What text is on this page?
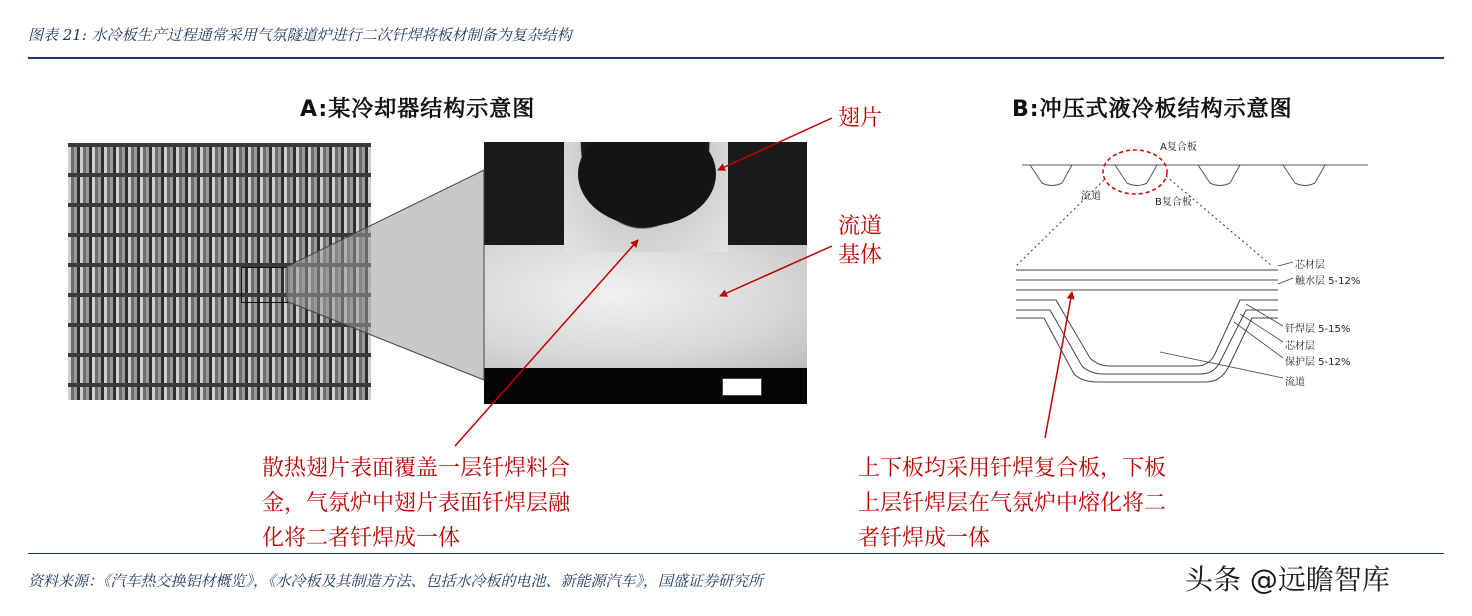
图表 21: 水冷板生产过程通常采用气氛隧道炉进行二次钎焊将板材制备为复杂结构
A:某冷却器结构示意图	翅片
流道
基体
散热翅片表面覆盖一层钎焊料合
金，气氛炉中翅片表面钎焊层融
化将二者钎焊成一体
B:冲压式液冷板结构示意图
A复合板
流道
B复合板
芯材层
触水层 5-12%
钎焊层 5-15%
芯材层
保护层 5-12%
流道
上下板均采用钎焊复合板，下板
上层钎焊层在气氛炉中熔化将二
者钎焊成一体
资料来源：《汽车热交换铝材概览》，《水冷板及其制造方法、包括水冷板的电池、新能源汽车》，国盛证券研究所	头条 @远瞻智库
